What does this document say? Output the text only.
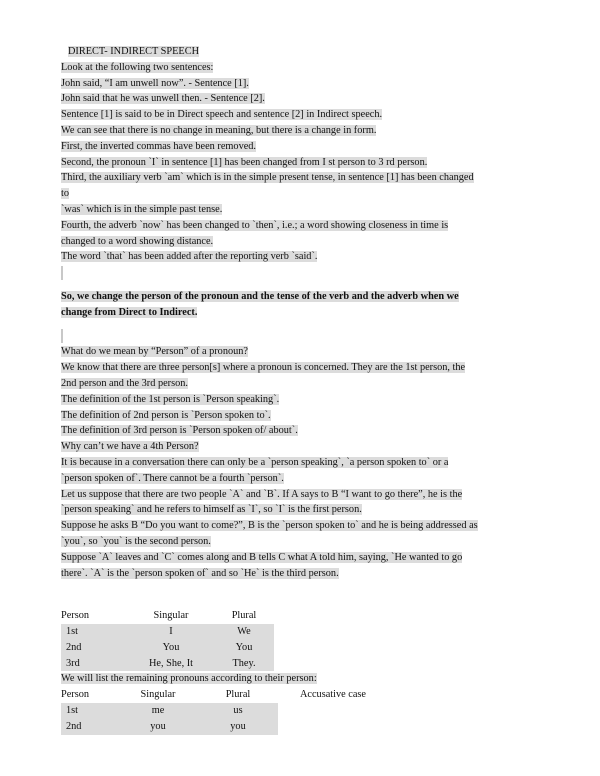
DIRECT- INDIRECT SPEECH
Look at the following two sentences:
John said, “I am unwell now”. - Sentence [1].
John said that he was unwell then. - Sentence [2].
Sentence [1] is said to be in Direct speech and sentence [2] in Indirect speech.
We can see that there is no change in meaning, but there is a change in form.
First, the inverted commas have been removed.
Second, the pronoun `I` in sentence [1] has been changed from I st person to 3 rd person.
Third, the auxiliary verb `am` which is in the simple present tense, in sentence [1] has been changed
to
`was` which is in the simple past tense.
Fourth, the adverb `now` has been changed to `then`, i.e.; a word showing closeness in time is
changed to a word showing distance.
The word `that` has been added after the reporting verb `said`.
So, we change the person of the pronoun and the tense of the verb and the adverb when we
change from Direct to Indirect.
What do we mean by “Person” of a pronoun?
We know that there are three person[s] where a pronoun is concerned. They are the 1st person, the
2nd person and the 3rd person.
The definition of the 1st person is `Person speaking`.
The definition of 2nd person is `Person spoken to`.
The definition of 3rd person is `Person spoken of/ about`.
Why can’t we have a 4th Person?
It is because in a conversation there can only be a `person speaking`, `a person spoken to` or a
`person spoken of`. There cannot be a fourth `person`.
Let us suppose that there are two people `A` and `B`. If A says to B “I want to go there”, he is the
`person speaking` and he refers to himself as `I`, so `I` is the first person.
Suppose he asks B “Do you want to come?”, B is the `person spoken to` and he is being addressed as
`you`, so `you` is the second person.
Suppose `A` leaves and `C` comes along and B tells C what A told him, saying, `He wanted to go
there`. `A` is the `person spoken of` and so `He` is the third person.
Person	Singular	Plural
1st	I	We
2nd	You	You
3rd	He, She, It	They.
We will list the remaining pronouns according to their person:
Person	Singular	Plural	Accusative case
1st	me	us	
2nd	you	you	
